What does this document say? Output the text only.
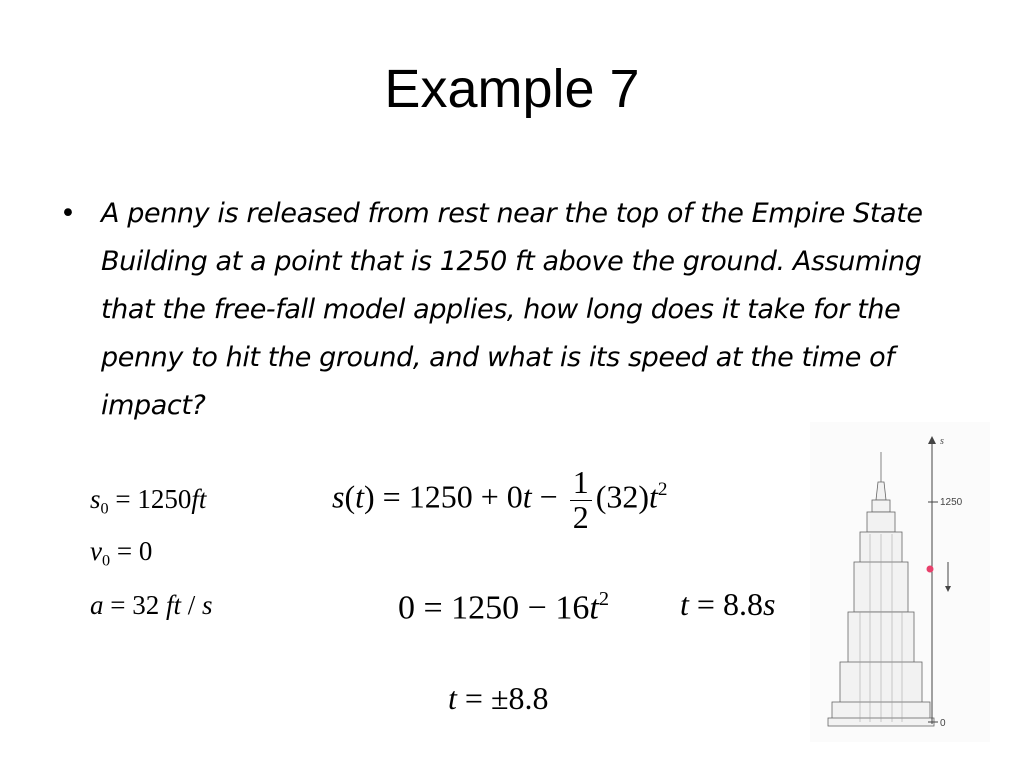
Example 7
• A penny is released from rest near the top of the Empire State Building at a point that is 1250 ft above the ground. Assuming that the free-fall model applies, how long does it take for the penny to hit the ground, and what is its speed at the time of impact?
$s_0 = 1250ft$
$v_0 = 0$
a = 32 ft / s
$s(t) = 1250 + 0t - \frac{1}{2} (32)t^2$
$0 = 1250 - 16t^2$ t = 8.8s
t = ±8.8
s
1250
0
